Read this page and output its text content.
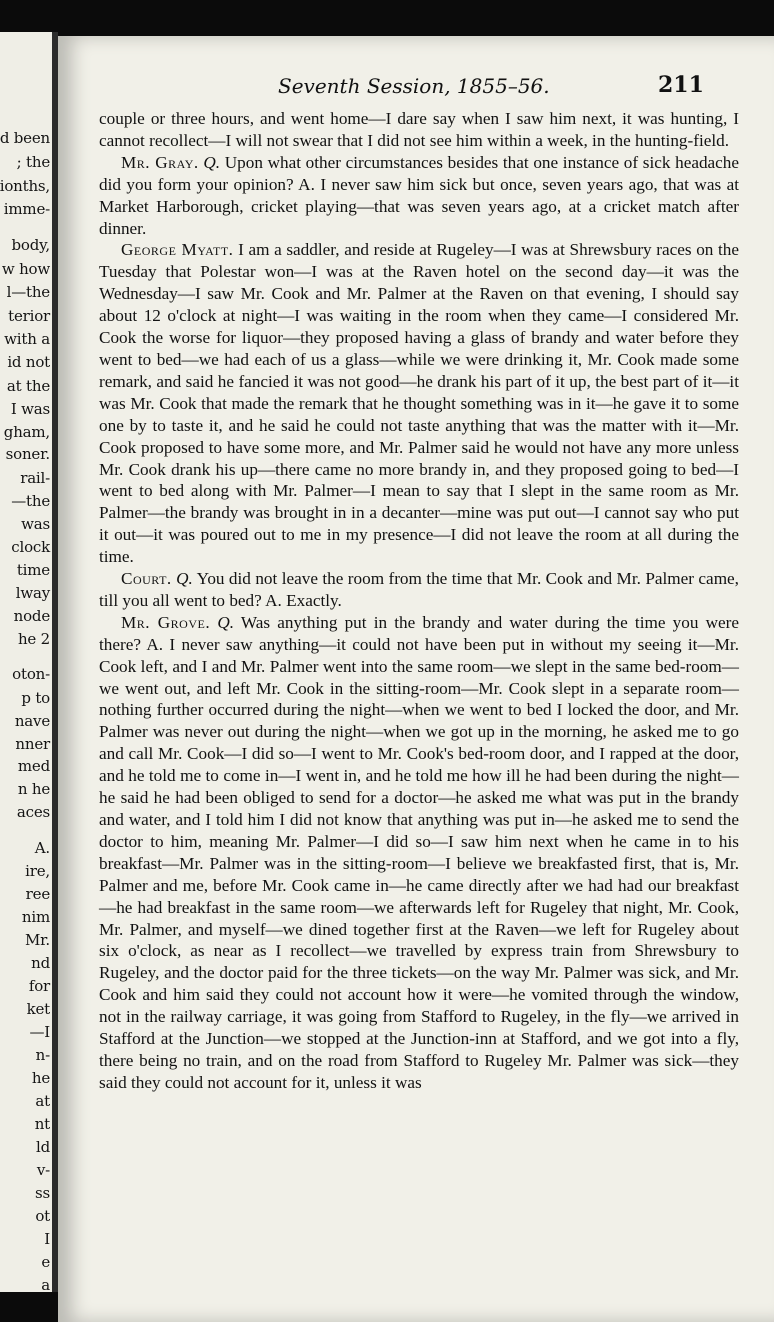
d been
; the
ionths,
imme-
body,
w how
l—the
terior
with a
id not
at the
I was
gham,
soner.
rail-
—the
was
clock
time
lway
node
he 2
oton-
p to
nave
nner
med
n he
aces
A.
ire,
ree
nim
Mr.
nd
for
ket
—I
n-
he
at
nt
ld
v-
ss
ot
I
e
a
Seventh Session, 1855–56.	211

couple or three hours, and went home—I dare say when I saw him next, it was hunting, I cannot recollect—I will not swear that I did not see him within a week, in the hunting-field.

Mr. Gray. Q. Upon what other circumstances besides that one instance of sick headache did you form your opinion? A. I never saw him sick but once, seven years ago, that was at Market Harborough, cricket playing—that was seven years ago, at a cricket match after dinner.

George Myatt. I am a saddler, and reside at Rugeley—I was at Shrewsbury races on the Tuesday that Polestar won—I was at the Raven hotel on the second day—it was the Wednesday—I saw Mr. Cook and Mr. Palmer at the Raven on that evening, I should say about 12 o'clock at night—I was waiting in the room when they came—I considered Mr. Cook the worse for liquor—they proposed having a glass of brandy and water before they went to bed—we had each of us a glass—while we were drinking it, Mr. Cook made some remark, and said he fancied it was not good—he drank his part of it up, the best part of it—it was Mr. Cook that made the remark that he thought something was in it—he gave it to some one by to taste it, and he said he could not taste anything that was the matter with it—Mr. Cook proposed to have some more, and Mr. Palmer said he would not have any more unless Mr. Cook drank his up—there came no more brandy in, and they proposed going to bed—I went to bed along with Mr. Palmer—I mean to say that I slept in the same room as Mr. Palmer—the brandy was brought in in a decanter—mine was put out—I cannot say who put it out—it was poured out to me in my presence—I did not leave the room at all during the time.

Court. Q. You did not leave the room from the time that Mr. Cook and Mr. Palmer came, till you all went to bed? A. Exactly.

Mr. Grove. Q. Was anything put in the brandy and water during the time you were there? A. I never saw anything—it could not have been put in without my seeing it—Mr. Cook left, and I and Mr. Palmer went into the same room—we slept in the same bed-room—we went out, and left Mr. Cook in the sitting-room—Mr. Cook slept in a separate room—nothing further occurred during the night—when we went to bed I locked the door, and Mr. Palmer was never out during the night—when we got up in the morning, he asked me to go and call Mr. Cook—I did so—I went to Mr. Cook's bed-room door, and I rapped at the door, and he told me to come in—I went in, and he told me how ill he had been during the night—he said he had been obliged to send for a doctor—he asked me what was put in the brandy and water, and I told him I did not know that anything was put in—he asked me to send the doctor to him, meaning Mr. Palmer—I did so—I saw him next when he came in to his breakfast—Mr. Palmer was in the sitting-room—I believe we breakfasted first, that is, Mr. Palmer and me, before Mr. Cook came in—he came directly after we had had our breakfast—he had breakfast in the same room—we afterwards left for Rugeley that night, Mr. Cook, Mr. Palmer, and myself—we dined together first at the Raven—we left for Rugeley about six o'clock, as near as I recollect—we travelled by express train from Shrewsbury to Rugeley, and the doctor paid for the three tickets—on the way Mr. Palmer was sick, and Mr. Cook and him said they could not account how it were—he vomited through the window, not in the railway carriage, it was going from Stafford to Rugeley, in the fly—we arrived in Stafford at the Junction—we stopped at the Junction-inn at Stafford, and we got into a fly, there being no train, and on the road from Stafford to Rugeley Mr. Palmer was sick—they said they could not account for it, unless it was
